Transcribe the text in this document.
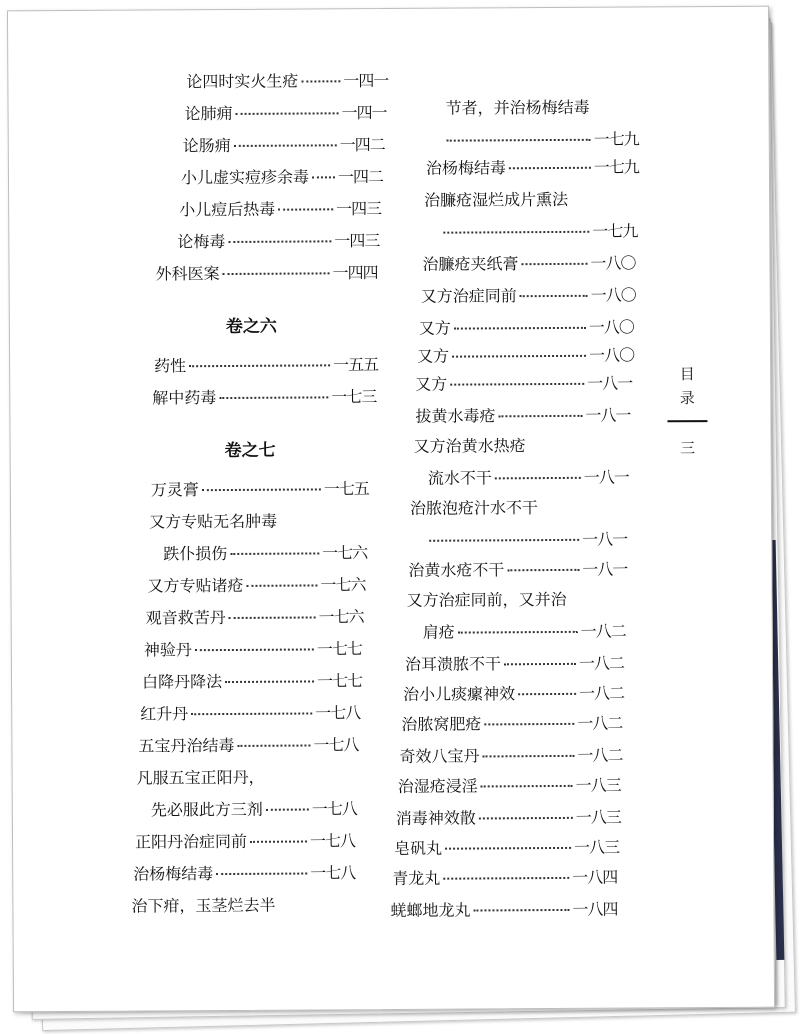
论四时实火生疮	一四一
论肺痈	一四一
论肠痈	一四二
小儿虚实痘疹余毒 一四二
小儿痘后热毒	一四三
论梅毒	一四三
外科医案	一四四
卷之六
药性	一五五
解中药毒	一七三
卷之七
万灵膏	一七五
又方专贴无名肿毒
跌仆损伤	一七六
又方专贴诸疮	一七六
观音救苦丹	一七六
神验丹	一七七
白降丹降法	一七七
红升丹	一七八
五宝丹治结毒	一七八
凡服五宝正阳丹，
先必服此方三剂	一七八
正阳丹治症同前	一七八
治杨梅结毒	一七八
治下疳，玉茎烂去半
节者，并治杨梅结毒
一七九
治杨梅结毒	一七九
治臁疮湿烂成片熏法
一七九
治臁疮夹纸膏	一八〇
又方治症同前	一八〇
又方	一八〇
又方	一八〇
又方	一八一
拔黄水毒疮	一八一
又方治黄水热疮
流水不干	一八一
治脓泡疮汁水不干
一八一
治黄水疮不干	一八一
又方治症同前，又并治
肩疮	一八二
治耳溃脓不干	一八二
治小儿痰瘰神效	一八二
治脓窝肥疮	一八二
奇效八宝丹	一八二
治湿疮浸淫	一八三
消毒神效散	一八三
皂矾丸	一八三
青龙丸	一八四
蜣螂地龙丸	一八四
目
录
三
